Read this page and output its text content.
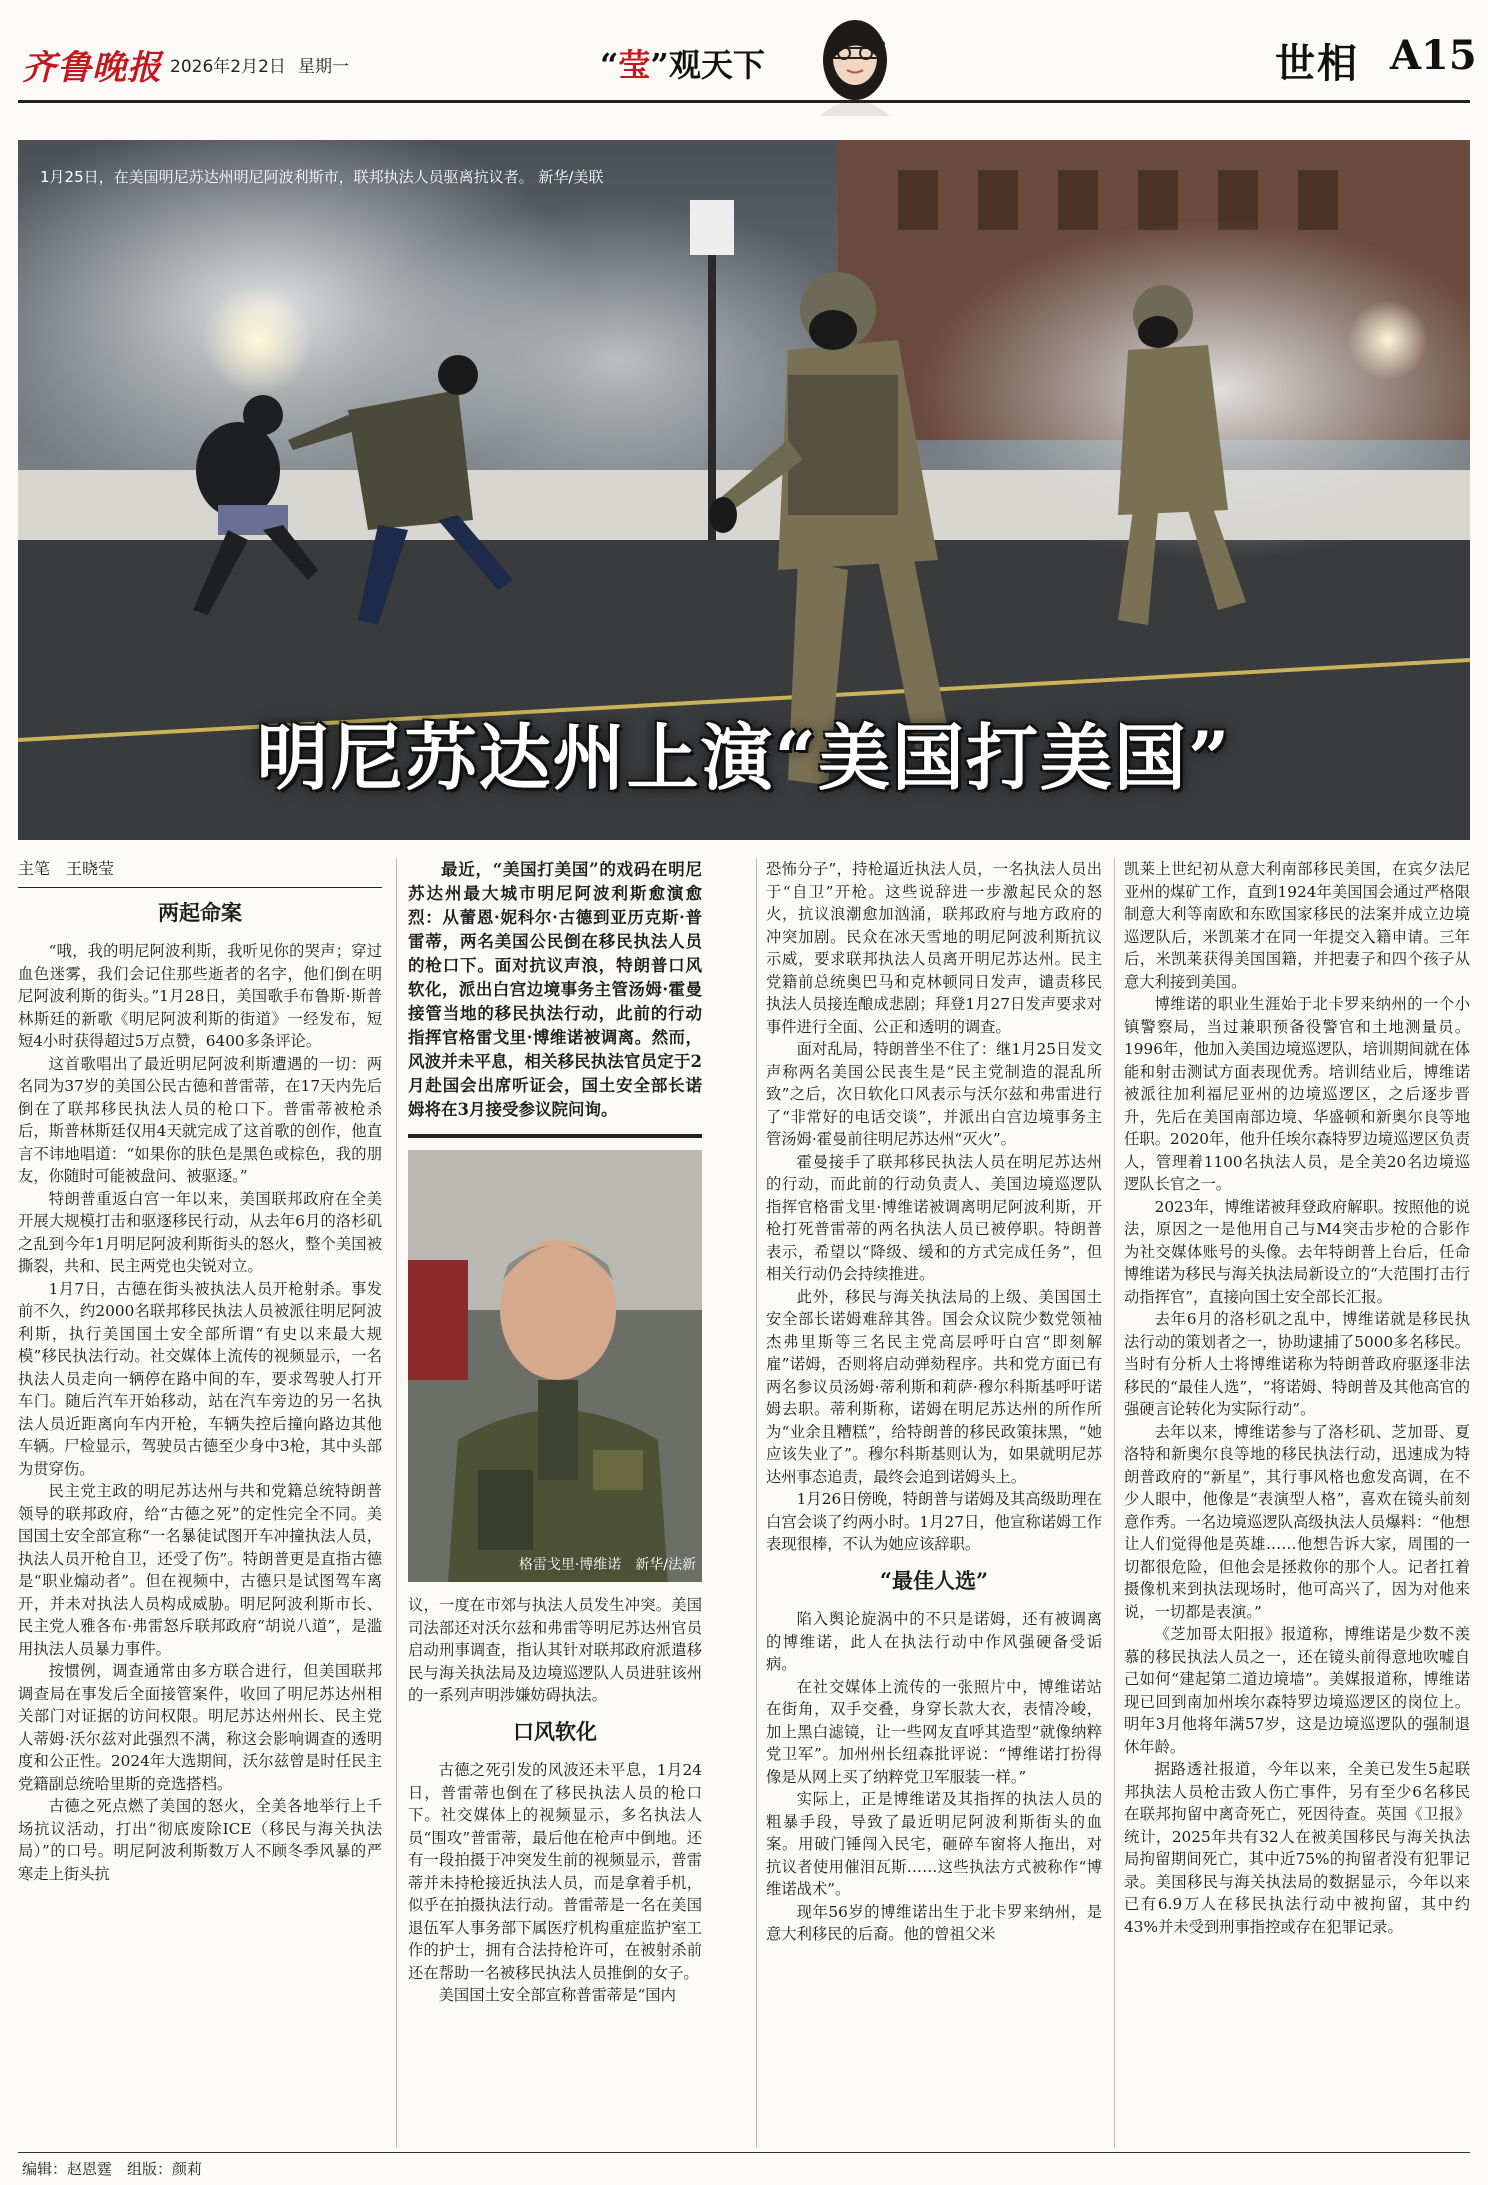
齐鲁晚报 2026年2月2日 星期一	“莹”观天下	世相 A15
1月25日，在美国明尼苏达州明尼阿波利斯市，联邦执法人员驱离抗议者。 新华/美联
明尼苏达州上演“美国打美国”
主笔　王晓莹
两起命案

“哦，我的明尼阿波利斯，我听见你的哭声；穿过血色迷雾，我们会记住那些逝者的名字，他们倒在明尼阿波利斯的街头。”1月28日，美国歌手布鲁斯·斯普林斯廷的新歌《明尼阿波利斯的街道》一经发布，短短4小时获得超过5万点赞，6400多条评论。

这首歌唱出了最近明尼阿波利斯遭遇的一切：两名同为37岁的美国公民古德和普雷蒂，在17天内先后倒在了联邦移民执法人员的枪口下。普雷蒂被枪杀后，斯普林斯廷仅用4天就完成了这首歌的创作，他直言不讳地唱道：“如果你的肤色是黑色或棕色，我的朋友，你随时可能被盘问、被驱逐。”

特朗普重返白宫一年以来，美国联邦政府在全美开展大规模打击和驱逐移民行动，从去年6月的洛杉矶之乱到今年1月明尼阿波利斯街头的怒火，整个美国被撕裂，共和、民主两党也尖锐对立。

1月7日，古德在街头被执法人员开枪射杀。事发前不久，约2000名联邦移民执法人员被派往明尼阿波利斯，执行美国国土安全部所谓“有史以来最大规模”移民执法行动。社交媒体上流传的视频显示，一名执法人员走向一辆停在路中间的车，要求驾驶人打开车门。随后汽车开始移动，站在汽车旁边的另一名执法人员近距离向车内开枪，车辆失控后撞向路边其他车辆。尸检显示，驾驶员古德至少身中3枪，其中头部为贯穿伤。

民主党主政的明尼苏达州与共和党籍总统特朗普领导的联邦政府，给“古德之死”的定性完全不同。美国国土安全部宣称“一名暴徒试图开车冲撞执法人员，执法人员开枪自卫，还受了伤”。特朗普更是直指古德是“职业煽动者”。但在视频中，古德只是试图驾车离开，并未对执法人员构成威胁。明尼阿波利斯市长、民主党人雅各布·弗雷怒斥联邦政府“胡说八道”，是滥用执法人员暴力事件。

按惯例，调查通常由多方联合进行，但美国联邦调查局在事发后全面接管案件，收回了明尼苏达州相关部门对证据的访问权限。明尼苏达州州长、民主党人蒂姆·沃尔兹对此强烈不满，称这会影响调查的透明度和公正性。2024年大选期间，沃尔兹曾是时任民主党籍副总统哈里斯的竞选搭档。

古德之死点燃了美国的怒火，全美各地举行上千场抗议活动，打出“彻底废除ICE（移民与海关执法局）”的口号。明尼阿波利斯数万人不顾冬季风暴的严寒走上街头抗

最近，“美国打美国”的戏码在明尼苏达州最大城市明尼阿波利斯愈演愈烈：从蕾恩·妮科尔·古德到亚历克斯·普雷蒂，两名美国公民倒在移民执法人员的枪口下。面对抗议声浪，特朗普口风软化，派出白宫边境事务主管汤姆·霍曼接管当地的移民执法行动，此前的行动指挥官格雷戈里·博维诺被调离。然而，风波并未平息，相关移民执法官员定于2月赴国会出席听证会，国土安全部长诺姆将在3月接受参议院问询。

格雷戈里·博维诺　新华/法新

议，一度在市郊与执法人员发生冲突。美国司法部还对沃尔兹和弗雷等明尼苏达州官员启动刑事调查，指认其针对联邦政府派遣移民与海关执法局及边境巡逻队人员进驻该州的一系列声明涉嫌妨碍执法。

口风软化

古德之死引发的风波还未平息，1月24日，普雷蒂也倒在了移民执法人员的枪口下。社交媒体上的视频显示，多名执法人员“围攻”普雷蒂，最后他在枪声中倒地。还有一段拍摄于冲突发生前的视频显示，普雷蒂并未持枪接近执法人员，而是拿着手机，似乎在拍摄执法行动。普雷蒂是一名在美国退伍军人事务部下属医疗机构重症监护室工作的护士，拥有合法持枪许可，在被射杀前还在帮助一名被移民执法人员推倒的女子。

美国国土安全部宣称普雷蒂是“国内

恐怖分子”，持枪逼近执法人员，一名执法人员出于“自卫”开枪。这些说辞进一步激起民众的怒火，抗议浪潮愈加汹涌，联邦政府与地方政府的冲突加剧。民众在冰天雪地的明尼阿波利斯抗议示威，要求联邦执法人员离开明尼苏达州。民主党籍前总统奥巴马和克林顿同日发声，谴责移民执法人员接连酿成悲剧；拜登1月27日发声要求对事件进行全面、公正和透明的调查。

面对乱局，特朗普坐不住了：继1月25日发文声称两名美国公民丧生是“民主党制造的混乱所致”之后，次日软化口风表示与沃尔兹和弗雷进行了“非常好的电话交谈”，并派出白宫边境事务主管汤姆·霍曼前往明尼苏达州“灭火”。

霍曼接手了联邦移民执法人员在明尼苏达州的行动，而此前的行动负责人、美国边境巡逻队指挥官格雷戈里·博维诺被调离明尼阿波利斯，开枪打死普雷蒂的两名执法人员已被停职。特朗普表示，希望以“降级、缓和的方式完成任务”，但相关行动仍会持续推进。

此外，移民与海关执法局的上级、美国国土安全部长诺姆难辞其咎。国会众议院少数党领袖杰弗里斯等三名民主党高层呼吁白宫“即刻解雇”诺姆，否则将启动弹劾程序。共和党方面已有两名参议员汤姆·蒂利斯和莉萨·穆尔科斯基呼吁诺姆去职。蒂利斯称，诺姆在明尼苏达州的所作所为“业余且糟糕”，给特朗普的移民政策抹黑，“她应该失业了”。穆尔科斯基则认为，如果就明尼苏达州事态追责，最终会追到诺姆头上。

1月26日傍晚，特朗普与诺姆及其高级助理在白宫会谈了约两小时。1月27日，他宣称诺姆工作表现很棒，不认为她应该辞职。

“最佳人选”

陷入舆论旋涡中的不只是诺姆，还有被调离的博维诺，此人在执法行动中作风强硬备受诟病。

在社交媒体上流传的一张照片中，博维诺站在街角，双手交叠，身穿长款大衣，表情冷峻，加上黑白滤镜，让一些网友直呼其造型“就像纳粹党卫军”。加州州长纽森批评说：“博维诺打扮得像是从网上买了纳粹党卫军服装一样。”

实际上，正是博维诺及其指挥的执法人员的粗暴手段，导致了最近明尼阿波利斯街头的血案。用破门锤闯入民宅，砸碎车窗将人拖出，对抗议者使用催泪瓦斯……这些执法方式被称作“博维诺战术”。

现年56岁的博维诺出生于北卡罗来纳州，是意大利移民的后裔。他的曾祖父米

凯莱上世纪初从意大利南部移民美国，在宾夕法尼亚州的煤矿工作，直到1924年美国国会通过严格限制意大利等南欧和东欧国家移民的法案并成立边境巡逻队后，米凯莱才在同一年提交入籍申请。三年后，米凯莱获得美国国籍，并把妻子和四个孩子从意大利接到美国。

博维诺的职业生涯始于北卡罗来纳州的一个小镇警察局，当过兼职预备役警官和土地测量员。1996年，他加入美国边境巡逻队，培训期间就在体能和射击测试方面表现优秀。培训结业后，博维诺被派往加利福尼亚州的边境巡逻区，之后逐步晋升，先后在美国南部边境、华盛顿和新奥尔良等地任职。2020年，他升任埃尔森特罗边境巡逻区负责人，管理着1100名执法人员，是全美20名边境巡逻队长官之一。

2023年，博维诺被拜登政府解职。按照他的说法，原因之一是他用自己与M4突击步枪的合影作为社交媒体账号的头像。去年特朗普上台后，任命博维诺为移民与海关执法局新设立的“大范围打击行动指挥官”，直接向国土安全部长汇报。

去年6月的洛杉矶之乱中，博维诺就是移民执法行动的策划者之一，协助逮捕了5000多名移民。当时有分析人士将博维诺称为特朗普政府驱逐非法移民的“最佳人选”，“将诺姆、特朗普及其他高官的强硬言论转化为实际行动”。

去年以来，博维诺参与了洛杉矶、芝加哥、夏洛特和新奥尔良等地的移民执法行动，迅速成为特朗普政府的“新星”，其行事风格也愈发高调，在不少人眼中，他像是“表演型人格”，喜欢在镜头前刻意作秀。一名边境巡逻队高级执法人员爆料：“他想让人们觉得他是英雄……他想告诉大家，周围的一切都很危险，但他会是拯救你的那个人。记者扛着摄像机来到执法现场时，他可高兴了，因为对他来说，一切都是表演。”

《芝加哥太阳报》报道称，博维诺是少数不羡慕的移民执法人员之一，还在镜头前得意地吹嘘自己如何“建起第二道边境墙”。美媒报道称，博维诺现已回到南加州埃尔森特罗边境巡逻区的岗位上。明年3月他将年满57岁，这是边境巡逻队的强制退休年龄。

据路透社报道，今年以来，全美已发生5起联邦执法人员枪击致人伤亡事件，另有至少6名移民在联邦拘留中离奇死亡，死因待查。英国《卫报》统计，2025年共有32人在被美国移民与海关执法局拘留期间死亡，其中近75%的拘留者没有犯罪记录。美国移民与海关执法局的数据显示，今年以来已有6.9万人在移民执法行动中被拘留，其中约43%并未受到刑事指控或存在犯罪记录。

编辑：赵恩霆　组版：颜莉
